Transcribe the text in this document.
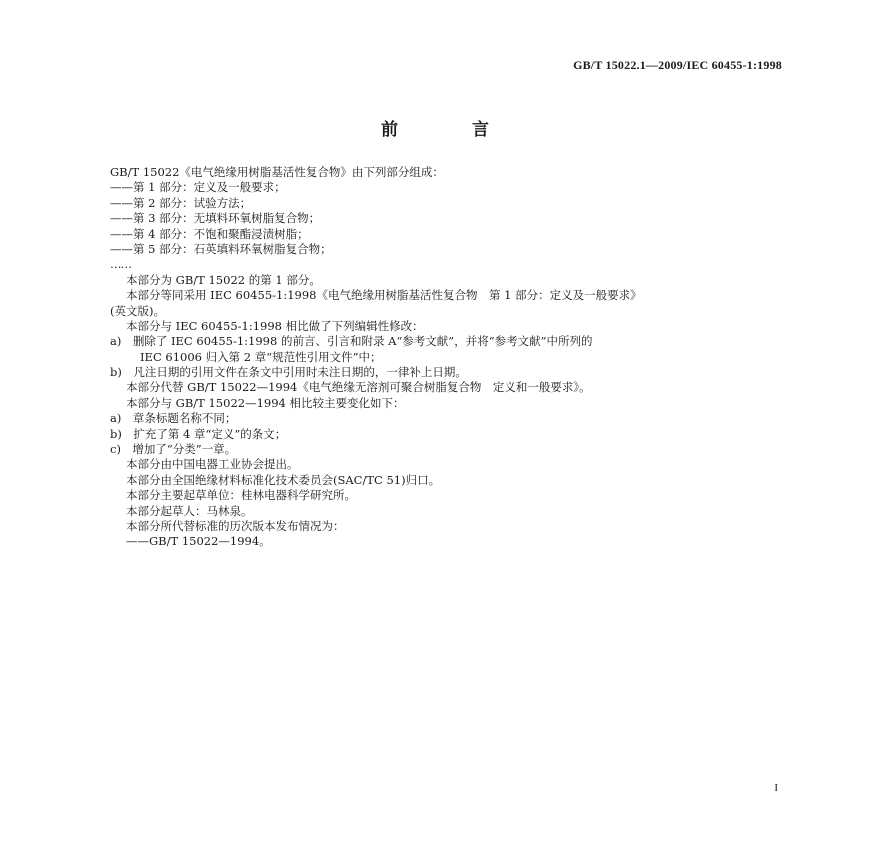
GB/T 15022.1—2009/IEC 60455-1:1998
前 言
GB/T 15022《电气绝缘用树脂基活性复合物》由下列部分组成：
——第 1 部分：定义及一般要求；
——第 2 部分：试验方法；
——第 3 部分：无填料环氧树脂复合物；
——第 4 部分：不饱和聚酯浸渍树脂；
——第 5 部分：石英填料环氧树脂复合物；
……
本部分为 GB/T 15022 的第 1 部分。
本部分等同采用 IEC 60455-1:1998《电气绝缘用树脂基活性复合物　第 1 部分：定义及一般要求》
(英文版)。
本部分与 IEC 60455-1:1998 相比做了下列编辑性修改：
a)　删除了 IEC 60455-1:1998 的前言、引言和附录 A“参考文献”，并将“参考文献”中所列的
IEC 61006 归入第 2 章“规范性引用文件”中；
b)　凡注日期的引用文件在条文中引用时未注日期的，一律补上日期。
本部分代替 GB/T 15022—1994《电气绝缘无溶剂可聚合树脂复合物　定义和一般要求》。
本部分与 GB/T 15022—1994 相比较主要变化如下：
a)　章条标题名称不同；
b)　扩充了第 4 章“定义”的条文；
c)　增加了“分类”一章。
本部分由中国电器工业协会提出。
本部分由全国绝缘材料标准化技术委员会(SAC/TC 51)归口。
本部分主要起草单位：桂林电器科学研究所。
本部分起草人：马林泉。
本部分所代替标准的历次版本发布情况为：
——GB/T 15022—1994。
I
